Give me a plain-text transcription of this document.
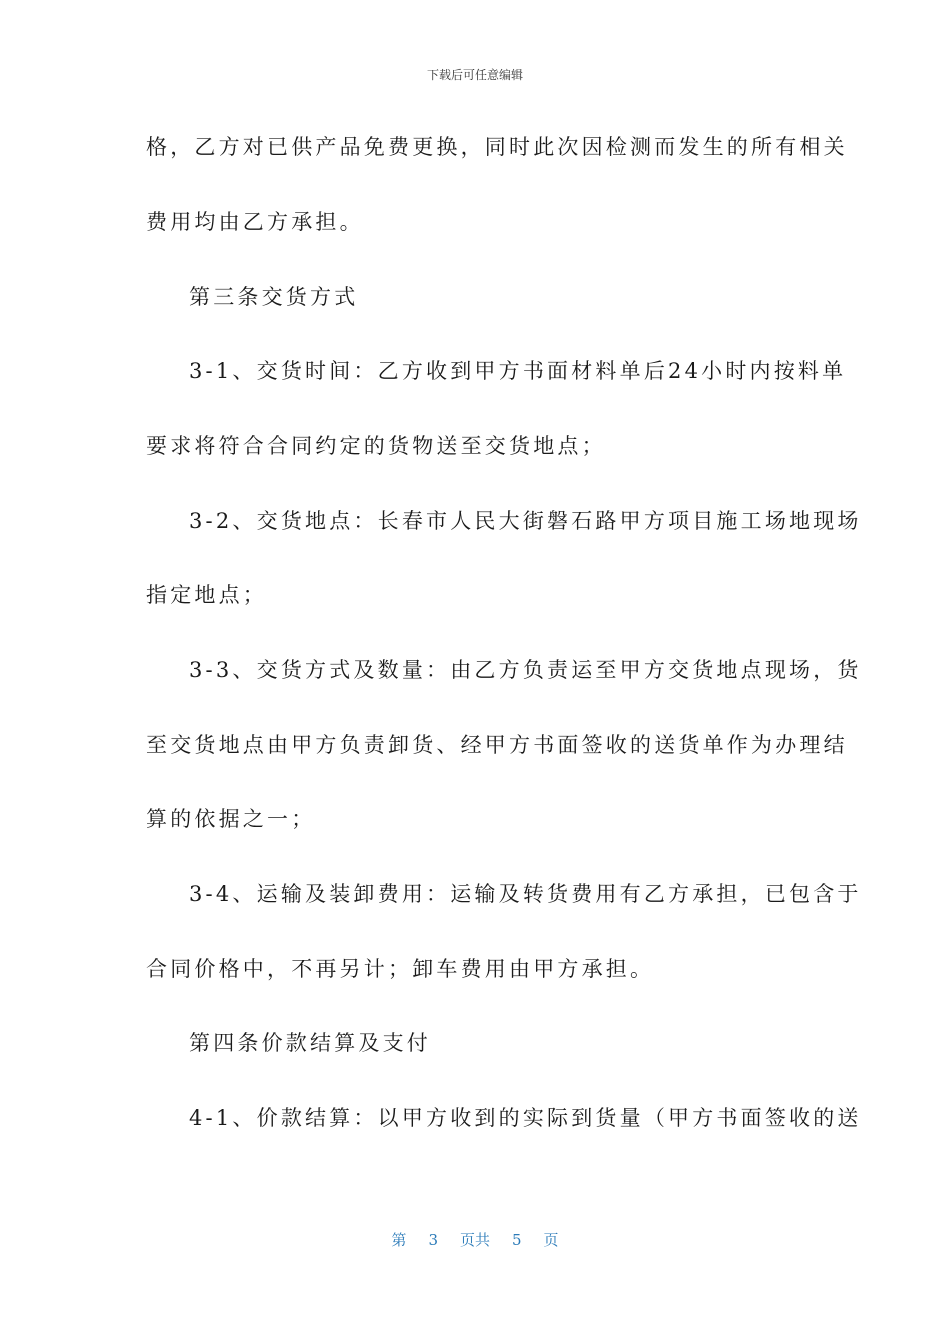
下载后可任意编辑
格，乙方对已供产品免费更换，同时此次因检测而发生的所有相关
费用均由乙方承担。
第三条交货方式
3-1、交货时间：乙方收到甲方书面材料单后24小时内按料单
要求将符合合同约定的货物送至交货地点；
3-2、交货地点：长春市人民大街磐石路甲方项目施工场地现场
指定地点；
3-3、交货方式及数量：由乙方负责运至甲方交货地点现场，货
至交货地点由甲方负责卸货、经甲方书面签收的送货单作为办理结
算的依据之一；
3-4、运输及装卸费用：运输及转货费用有乙方承担，已包含于
合同价格中，不再另计；卸车费用由甲方承担。
第四条价款结算及支付
4-1、价款结算：以甲方收到的实际到货量（甲方书面签收的送
第 3 页共 5 页
